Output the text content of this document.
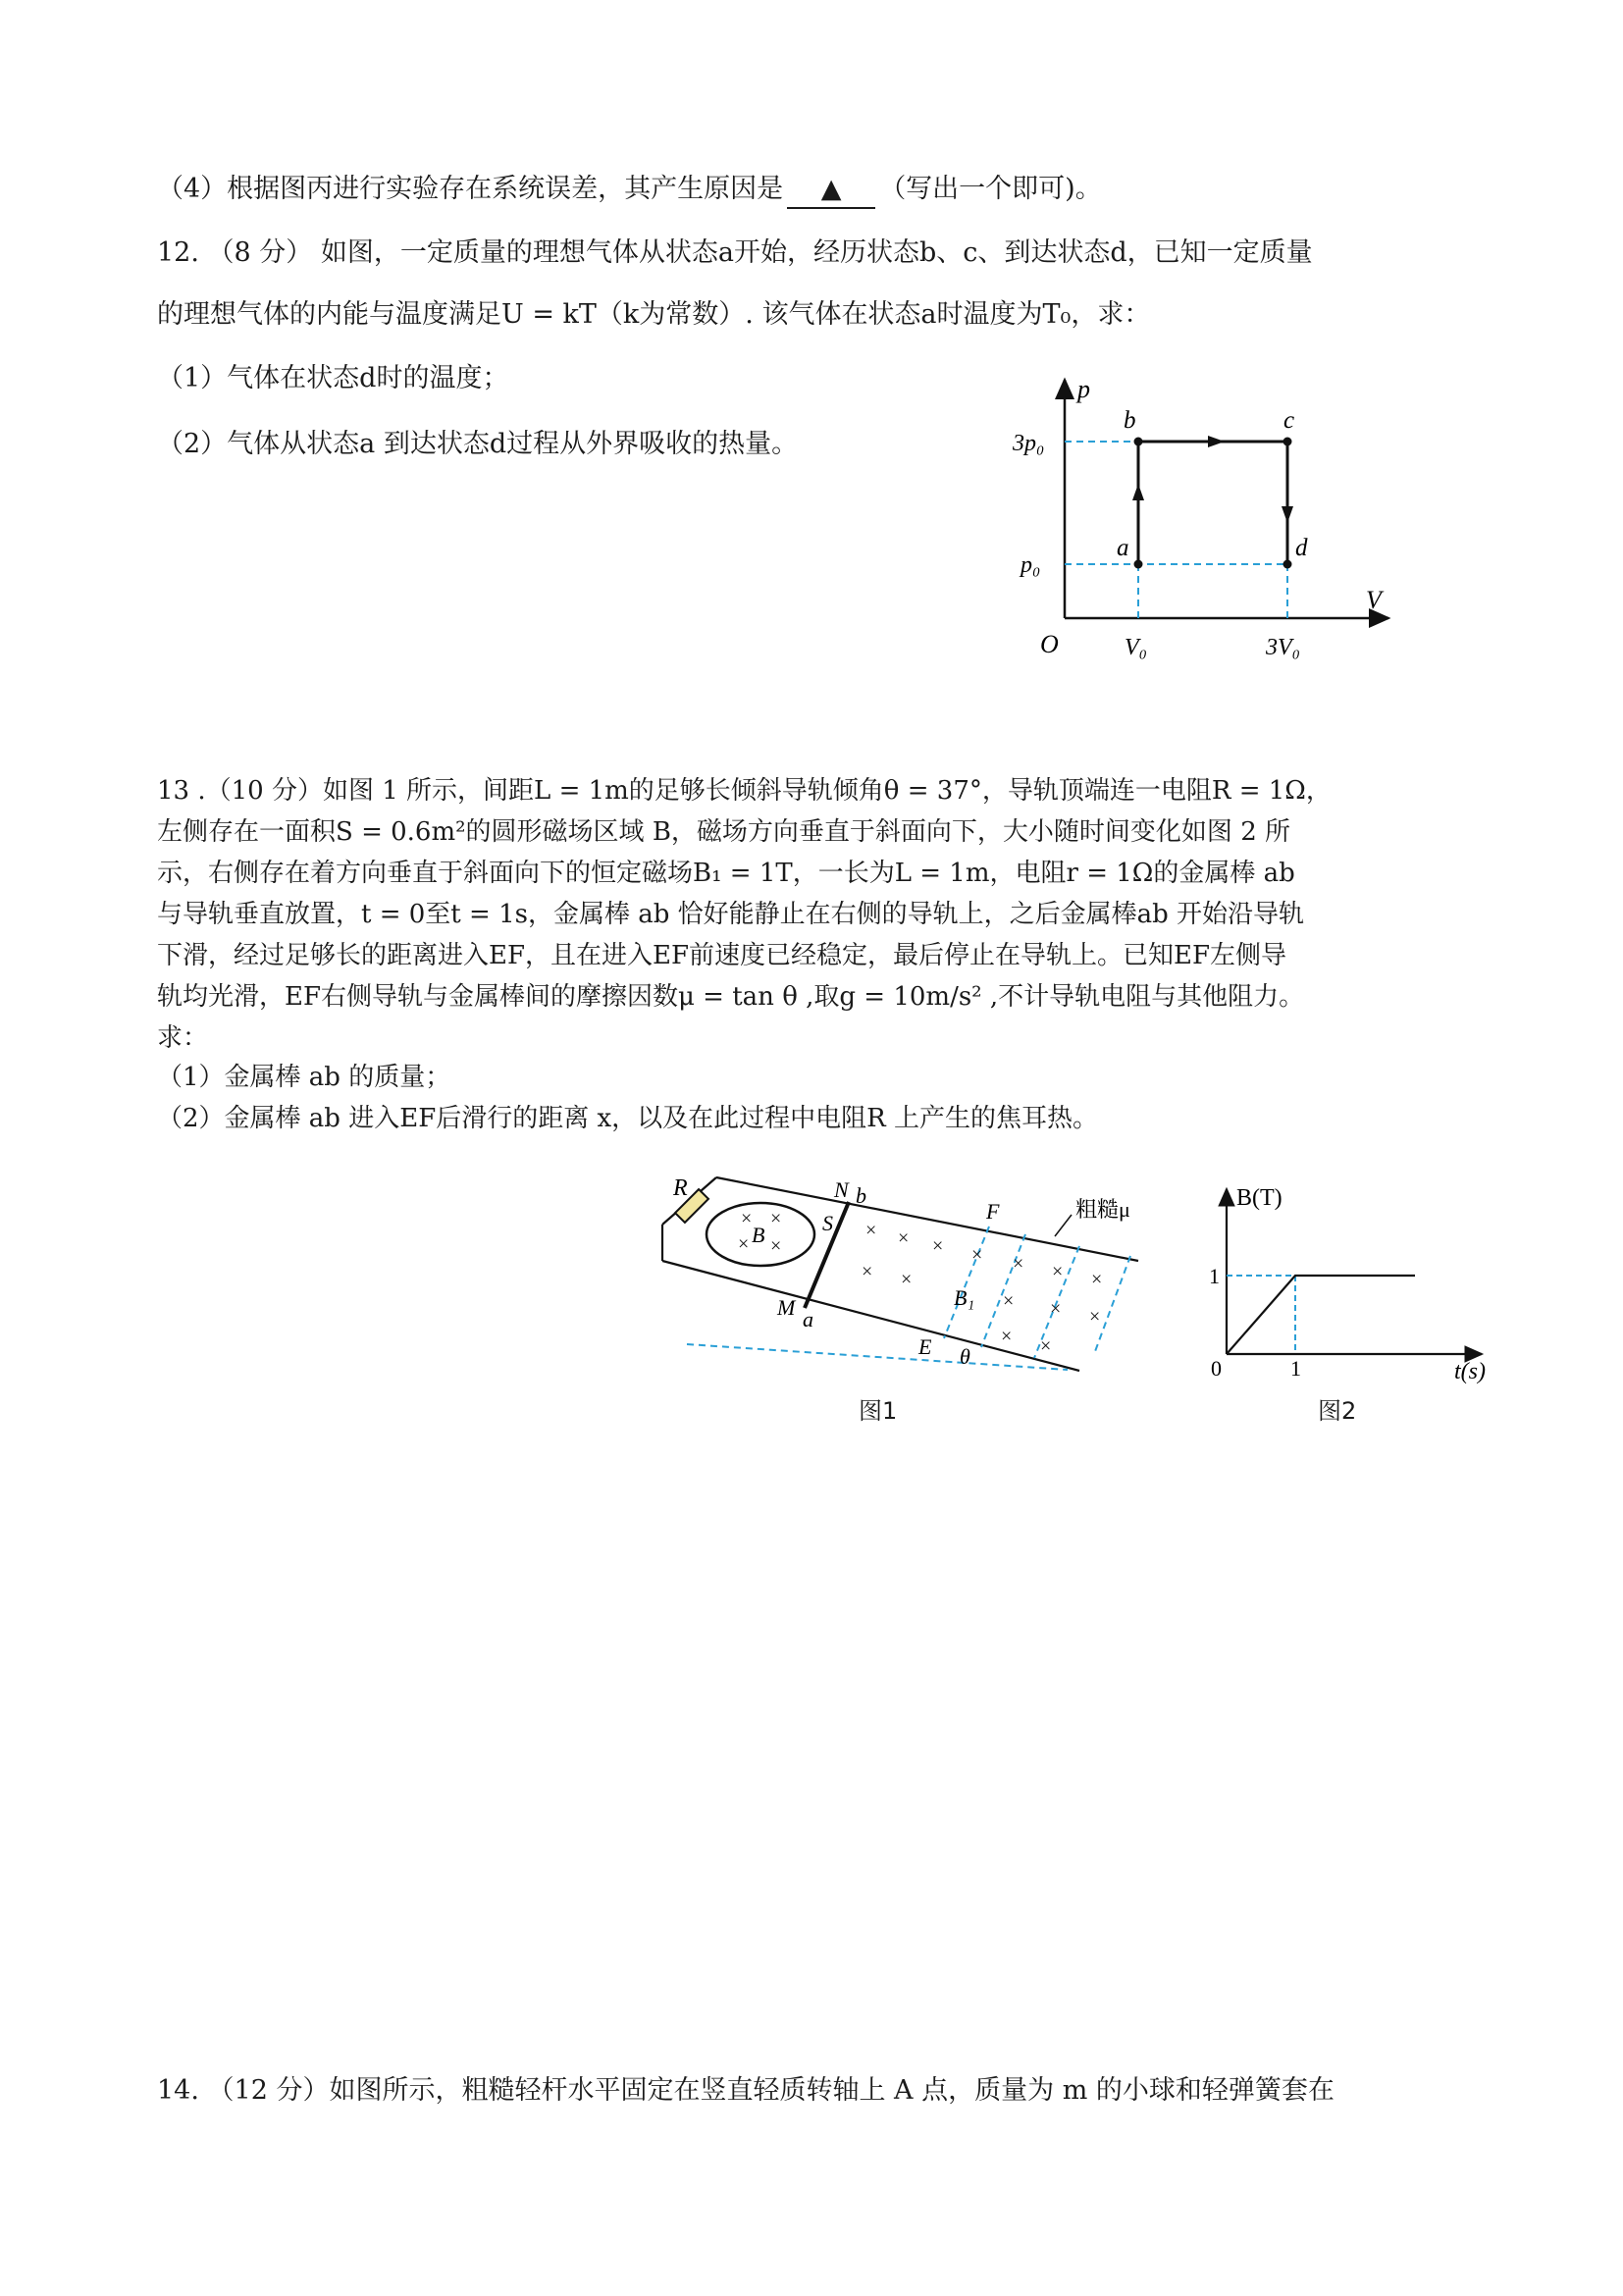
（4）根据图丙进行实验存在系统误差，其产生原因是 ▲ （写出一个即可)。
12. （8 分） 如图，一定质量的理想气体从状态a开始，经历状态b、c、到达状态d，已知一定质量
的理想气体的内能与温度满足U = kT（k为常数）. 该气体在状态a时温度为T₀，求：
（1）气体在状态d时的温度；
（2）气体从状态a 到达状态d过程从外界吸收的热量。
p
V
O
3p₀
p₀
V₀	3V₀
a
b	c
d
13 .（10 分）如图 1 所示，间距L = 1m的足够长倾斜导轨倾角θ = 37°，导轨顶端连一电阻R = 1Ω，
左侧存在一面积S = 0.6m²的圆形磁场区域 B，磁场方向垂直于斜面向下，大小随时间变化如图 2 所
示，右侧存在着方向垂直于斜面向下的恒定磁场B₁ = 1T，一长为L = 1m，电阻r = 1Ω的金属棒 ab
与导轨垂直放置，t = 0至t = 1s，金属棒 ab 恰好能静止在右侧的导轨上，之后金属棒ab 开始沿导轨
下滑，经过足够长的距离进入EF，且在进入EF前速度已经稳定，最后停止在导轨上。已知EF左侧导
轨均光滑，EF右侧导轨与金属棒间的摩擦因数μ = tan θ ,取g = 10m/s² ,不计导轨电阻与其他阻力。
求：
（1）金属棒 ab 的质量；
（2）金属棒 ab 进入EF后滑行的距离 x，以及在此过程中电阻R 上产生的焦耳热。
R
× ×
× ×
B	S
N b
M a
× × × × × × ×
× ×
× × ×
× ×
F
E
B₁
θ
粗糙μ
图1
B(T)
t(s)
0
1
1
图2
14. （12 分）如图所示，粗糙轻杆水平固定在竖直轻质转轴上 A 点，质量为 m 的小球和轻弹簧套在
